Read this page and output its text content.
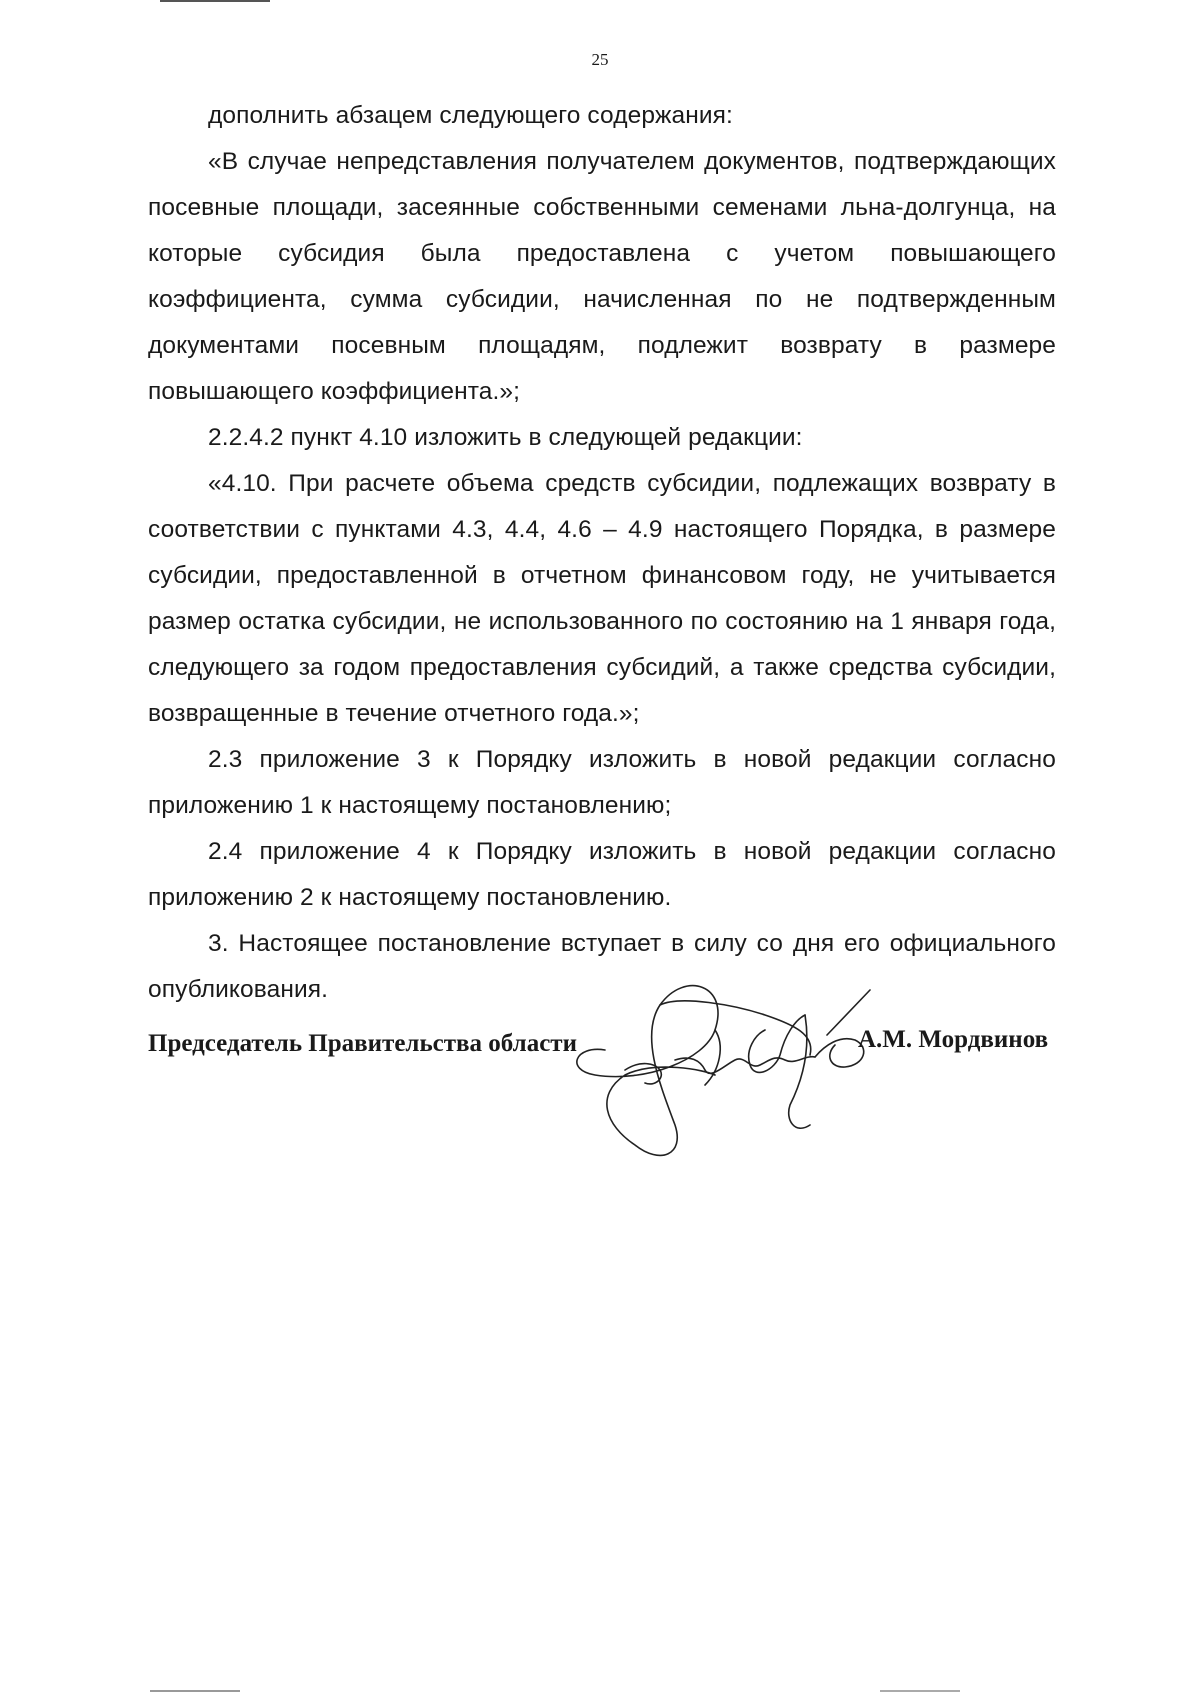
25

дополнить абзацем следующего содержания:

«В случае непредставления получателем документов, подтверждающих посевные площади, засеянные собственными семенами льна-долгунца, на которые субсидия была предоставлена с учетом повышающего коэффициента, сумма субсидии, начисленная по не подтвержденным документами посевным площадям, подлежит возврату в размере повышающего коэффициента.»;

2.2.4.2 пункт 4.10 изложить в следующей редакции:

«4.10. При расчете объема средств субсидии, подлежащих возврату в соответствии с пунктами 4.3, 4.4, 4.6 – 4.9 настоящего Порядка, в размере субсидии, предоставленной в отчетном финансовом году, не учитывается размер остатка субсидии, не использованного по состоянию на 1 января года, следующего за годом предоставления субсидий, а также средства субсидии, возвращенные в течение отчетного года.»;

2.3 приложение 3 к Порядку изложить в новой редакции согласно приложению 1 к настоящему постановлению;

2.4 приложение 4 к Порядку изложить в новой редакции согласно приложению 2 к настоящему постановлению.

3. Настоящее постановление вступает в силу со дня его официального опубликования.

Председатель Правительства области	А.М. Мордвинов
